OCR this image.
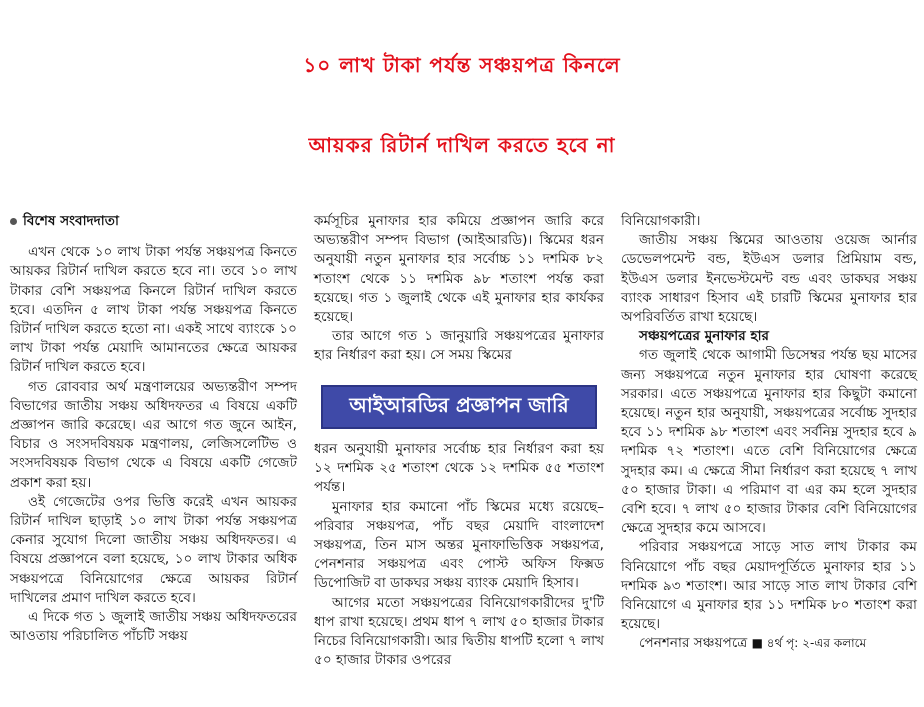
১০ লাখ টাকা পর্যন্ত সঞ্চয়পত্র কিনলে
আয়কর রিটার্ন দাখিল করতে হবে না

বিশেষ সংবাদদাতা

এখন থেকে ১০ লাখ টাকা পর্যন্ত সঞ্চয়পত্র কিনতে আয়কর রিটার্ন দাখিল করতে হবে না। তবে ১০ লাখ টাকার বেশি সঞ্চয়পত্র কিনলে রিটার্ন দাখিল করতে হবে। এতদিন ৫ লাখ টাকা পর্যন্ত সঞ্চয়পত্র কিনতে রিটার্ন দাখিল করতে হতো না। একই সাথে ব্যাংকে ১০ লাখ টাকা পর্যন্ত মেয়াদি আমানতের ক্ষেত্রে আয়কর রিটার্ন দাখিল করতে হবে।

গত রোববার অর্থ মন্ত্রণালয়ের অভ্যন্তরীণ সম্পদ বিভাগের জাতীয় সঞ্চয় অধিদফতর এ বিষয়ে একটি প্রজ্ঞাপন জারি করেছে। এর আগে গত জুনে আইন, বিচার ও সংসদবিষয়ক মন্ত্রণালয়, লেজিসলেটিভ ও সংসদবিষয়ক বিভাগ থেকে এ বিষয়ে একটি গেজেট প্রকাশ করা হয়।

ওই গেজেটের ওপর ভিত্তি করেই এখন আয়কর রিটার্ন দাখিল ছাড়াই ১০ লাখ টাকা পর্যন্ত সঞ্চয়পত্র কেনার সুযোগ দিলো জাতীয় সঞ্চয় অধিদফতর। এ বিষয়ে প্রজ্ঞাপনে বলা হয়েছে, ১০ লাখ টাকার অধিক সঞ্চয়পত্রে বিনিয়োগের ক্ষেত্রে আয়কর রিটার্ন দাখিলের প্রমাণ দাখিল করতে হবে।

এ দিকে গত ১ জুলাই জাতীয় সঞ্চয় অধিদফতরের আওতায় পরিচালিত পাঁচটি সঞ্চয়

কর্মসূচির মুনাফার হার কমিয়ে প্রজ্ঞাপন জারি করে অভ্যন্তরীণ সম্পদ বিভাগ (আইআরডি)। স্কিমের ধরন অনুযায়ী নতুন মুনাফার হার সর্বোচ্চ ১১ দশমিক ৮২ শতাংশ থেকে ১১ দশমিক ৯৮ শতাংশ পর্যন্ত করা হয়েছে। গত ১ জুলাই থেকে এই মুনাফার হার কার্যকর হয়েছে।

তার আগে গত ১ জানুয়ারি সঞ্চয়পত্রের মুনাফার হার নির্ধারণ করা হয়। সে সময় স্কিমের

আইআরডির প্রজ্ঞাপন জারি

ধরন অনুযায়ী মুনাফার সর্বোচ্চ হার নির্ধারণ করা হয় ১২ দশমিক ২৫ শতাংশ থেকে ১২ দশমিক ৫৫ শতাংশ পর্যন্ত।

মুনাফার হার কমানো পাঁচ স্কিমের মধ্যে রয়েছে– পরিবার সঞ্চয়পত্র, পাঁচ বছর মেয়াদি বাংলাদেশ সঞ্চয়পত্র, তিন মাস অন্তর মুনাফাভিত্তিক সঞ্চয়পত্র, পেনশনার সঞ্চয়পত্র এবং পোস্ট অফিস ফিক্সড ডিপোজিট বা ডাকঘর সঞ্চয় ব্যাংক মেয়াদি হিসাব।

আগের মতো সঞ্চয়পত্রের বিনিয়োগকারীদের দু'টি ধাপ রাখা হয়েছে। প্রথম ধাপ ৭ লাখ ৫০ হাজার টাকার নিচের বিনিয়োগকারী। আর দ্বিতীয় ধাপটি হলো ৭ লাখ ৫০ হাজার টাকার ওপরের

বিনিয়োগকারী।

জাতীয় সঞ্চয় স্কিমের আওতায় ওয়েজ আর্নার ডেভেলপমেন্ট বন্ড, ইউএস ডলার প্রিমিয়াম বন্ড, ইউএস ডলার ইনভেস্টমেন্ট বন্ড এবং ডাকঘর সঞ্চয় ব্যাংক সাধারণ হিসাব এই চারটি স্কিমের মুনাফার হার অপরিবর্তিত রাখা হয়েছে।

সঞ্চয়পত্রের মুনাফার হার

গত জুলাই থেকে আগামী ডিসেম্বর পর্যন্ত ছয় মাসের জন্য সঞ্চয়পত্রে নতুন মুনাফার হার ঘোষণা করেছে সরকার। এতে সঞ্চয়পত্রে মুনাফার হার কিছুটা কমানো হয়েছে। নতুন হার অনুযায়ী, সঞ্চয়পত্রের সর্বোচ্চ সুদহার হবে ১১ দশমিক ৯৮ শতাংশ এবং সর্বনিম্ন সুদহার হবে ৯ দশমিক ৭২ শতাংশ। এতে বেশি বিনিয়োগের ক্ষেত্রে সুদহার কম। এ ক্ষেত্রে সীমা নির্ধারণ করা হয়েছে ৭ লাখ ৫০ হাজার টাকা। এ পরিমাণ বা এর কম হলে সুদহার বেশি হবে। ৭ লাখ ৫০ হাজার টাকার বেশি বিনিয়োগের ক্ষেত্রে সুদহার কমে আসবে।

পরিবার সঞ্চয়পত্রে সাড়ে সাত লাখ টাকার কম বিনিয়োগে পাঁচ বছর মেয়াদপূর্তিতে মুনাফার হার ১১ দশমিক ৯৩ শতাংশ। আর সাড়ে সাত লাখ টাকার বেশি বিনিয়োগে এ মুনাফার হার ১১ দশমিক ৮০ শতাংশ করা হয়েছে।

পেনশনার সঞ্চয়পত্রে ■ ৪র্থ পৃ: ২-এর কলামে
